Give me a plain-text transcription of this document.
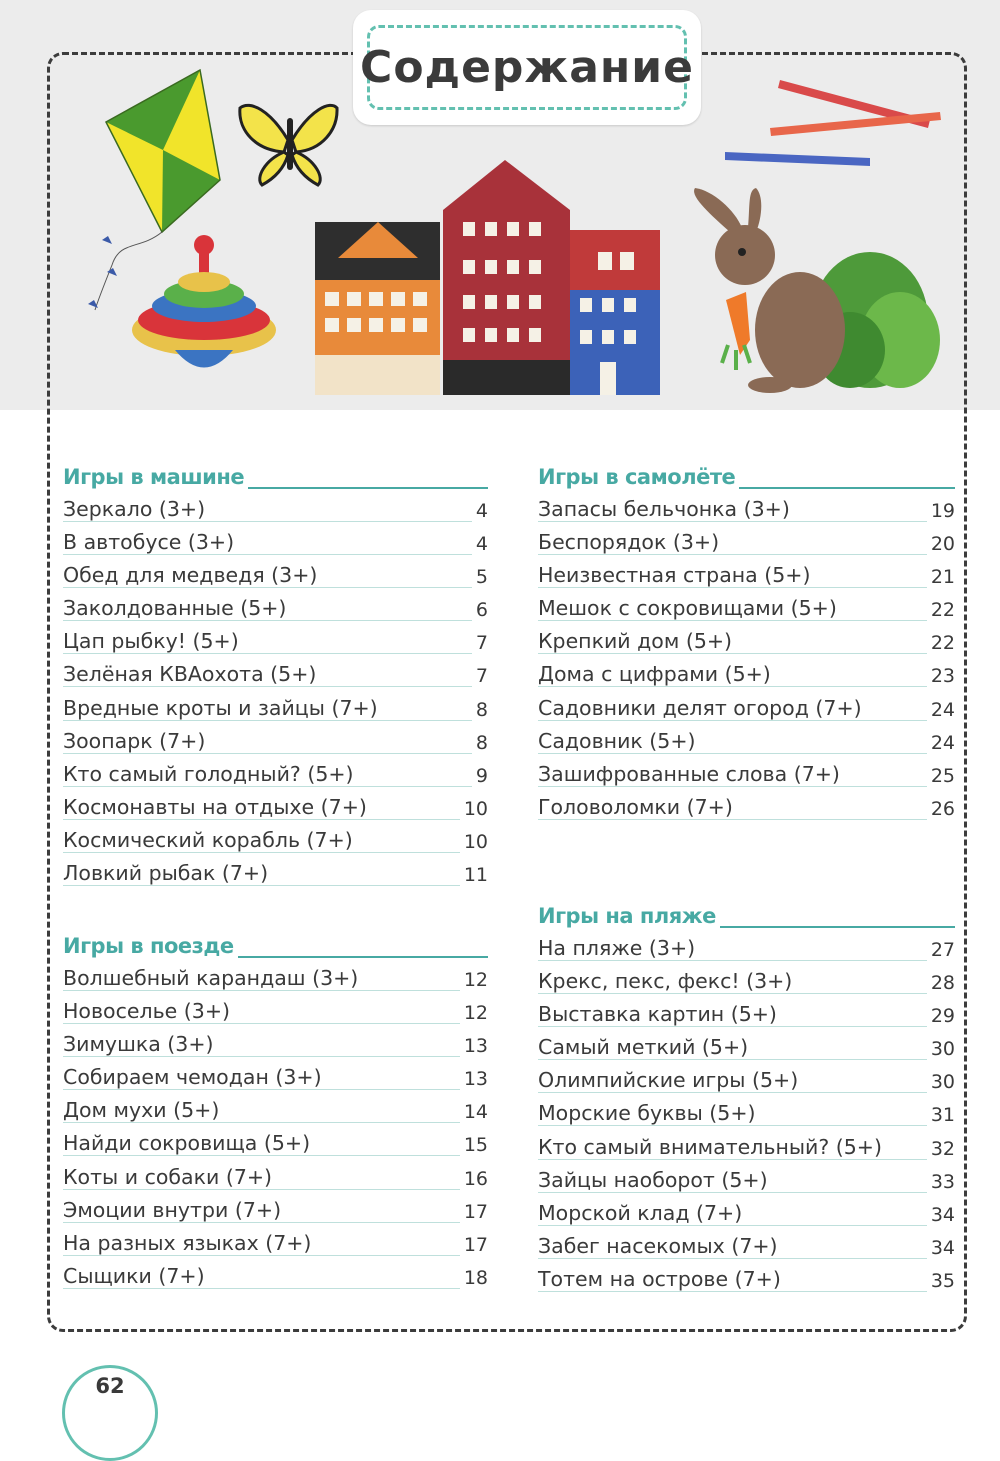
Содержание
Игры в машине
Зеркало (3+)	4
В автобусе (3+)	4
Обед для медведя (3+)	5
Заколдованные (5+)	6
Цап рыбку! (5+)	7
Зелёная КВАохота (5+)	7
Вредные кроты и зайцы (7+)	8
Зоопарк (7+)	8
Кто самый голодный? (5+)	9
Космонавты на отдыхе (7+)	10
Космический корабль (7+)	10
Ловкий рыбак (7+)	11
Игры в поезде
Волшебный карандаш (3+)	12
Новоселье (3+)	12
Зимушка (3+)	13
Собираем чемодан (3+)	13
Дом мухи (5+)	14
Найди сокровища (5+)	15
Коты и собаки (7+)	16
Эмоции внутри (7+)	17
На разных языках (7+)	17
Сыщики (7+)	18
Игры в самолёте
Запасы бельчонка (3+)	19
Беспорядок (3+)	20
Неизвестная страна (5+)	21
Мешок с сокровищами (5+)	22
Крепкий дом (5+)	22
Дома с цифрами (5+)	23
Садовники делят огород (7+)	24
Садовник (5+)	24
Зашифрованные слова (7+)	25
Головоломки (7+)	26
Игры на пляже
На пляже (3+)	27
Крекс, пекс, фекс! (3+)	28
Выставка картин (5+)	29
Самый меткий (5+)	30
Олимпийские игры (5+)	30
Морские буквы (5+)	31
Кто самый внимательный? (5+)	32
Зайцы наоборот (5+)	33
Морской клад (7+)	34
Забег насекомых (7+)	34
Тотем на острове (7+)	35
62
